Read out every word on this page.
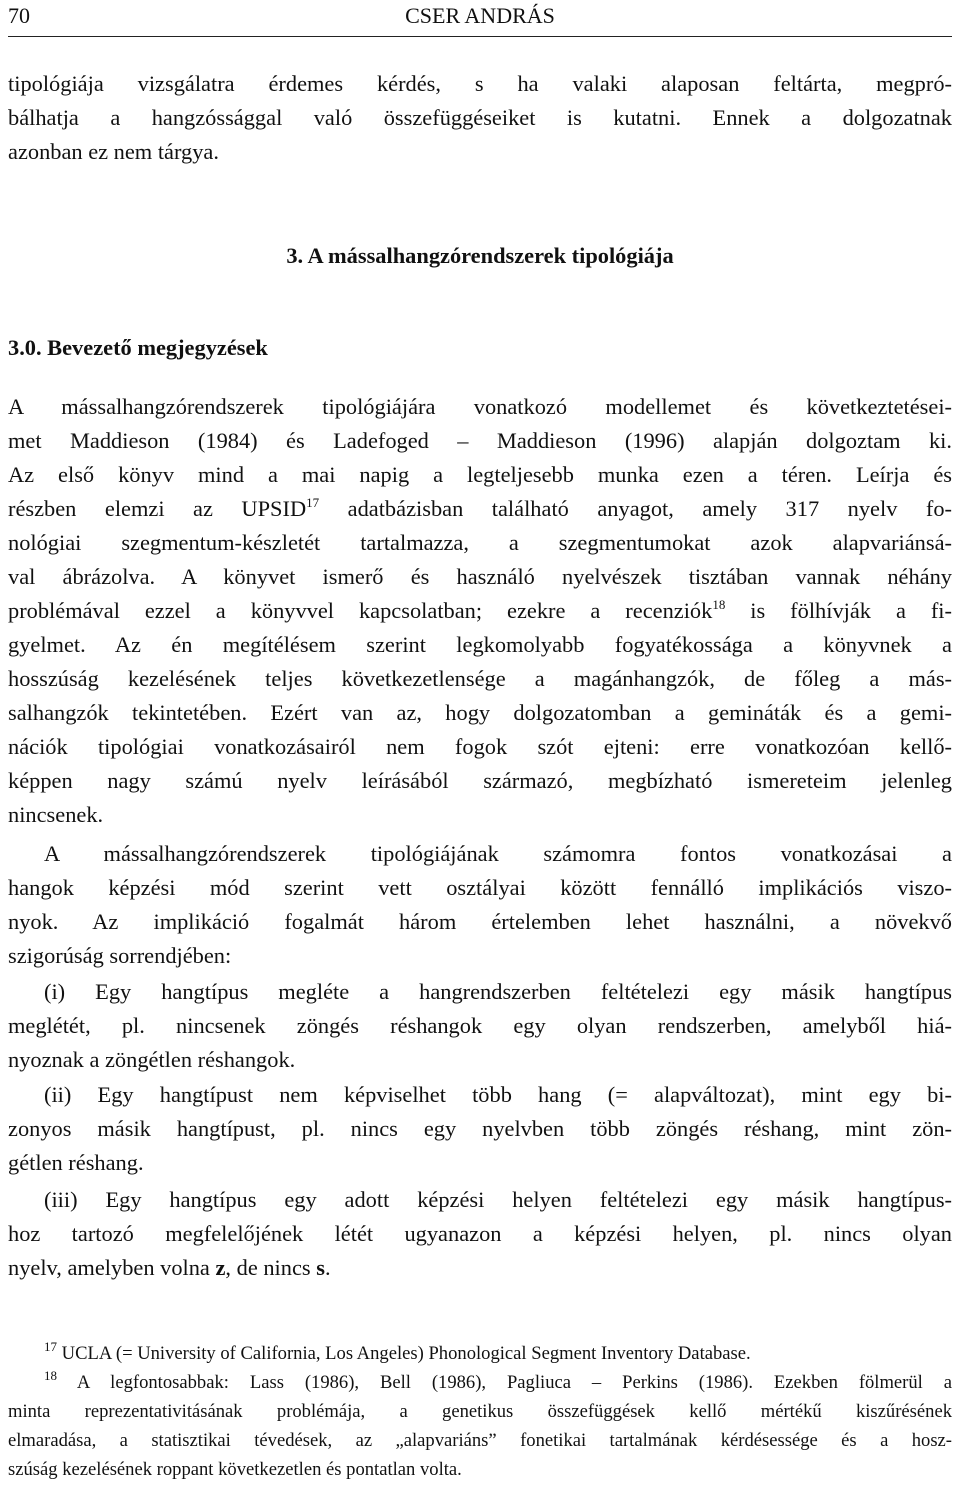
70	CSER ANDRÁS
tipológiája vizsgálatra érdemes kérdés, s ha valaki alaposan feltárta, megpró-
bálhatja a hangzóssággal való összefüggéseiket is kutatni. Ennek a dolgozatnak
azonban ez nem tárgya.
3. A mássalhangzórendszerek tipológiája
3.0. Bevezető megjegyzések
A mássalhangzórendszerek tipológiájára vonatkozó modellemet és következtetései-
met Maddieson (1984) és Ladefoged – Maddieson (1996) alapján dolgoztam ki.
Az első könyv mind a mai napig a legteljesebb munka ezen a téren. Leírja és
részben elemzi az UPSID$^{17}$ adatbázisban található anyagot, amely 317 nyelv fo-
nológiai szegmentum-készletét tartalmazza, a szegmentumokat azok alapvariánsá-
val ábrázolva. A könyvet ismerő és használó nyelvészek tisztában vannak néhány
problémával ezzel a könyvvel kapcsolatban; ezekre a recenziók$^{18}$ is fölhívják a fi-
gyelmet. Az én megítélésem szerint legkomolyabb fogyatékossága a könyvnek a
hosszúság kezelésének teljes következetlensége a magánhangzók, de főleg a más-
salhangzók tekintetében. Ezért van az, hogy dolgozatomban a gemináták és a gemi-
nációk tipológiai vonatkozásairól nem fogok szót ejteni: erre vonatkozóan kellő-
képpen nagy számú nyelv leírásából származó, megbízható ismereteim jelenleg
nincsenek.
A mássalhangzórendszerek tipológiájának számomra fontos vonatkozásai a
hangok képzési mód szerint vett osztályai között fennálló implikációs viszo-
nyok. Az implikáció fogalmát három értelemben lehet használni, a növekvő
szigorúság sorrendjében:
(i) Egy hangtípus megléte a hangrendszerben feltételezi egy másik hangtípus
meglétét, pl. nincsenek zöngés réshangok egy olyan rendszerben, amelyből hiá-
nyoznak a zöngétlen réshangok.
(ii) Egy hangtípust nem képviselhet több hang (= alapváltozat), mint egy bi-
zonyos másik hangtípust, pl. nincs egy nyelvben több zöngés réshang, mint zön-
gétlen réshang.
(iii) Egy hangtípus egy adott képzési helyen feltételezi egy másik hangtípus-
hoz tartozó megfelelőjének létét ugyanazon a képzési helyen, pl. nincs olyan
nyelv, amelyben volna z, de nincs s.
$^{17}$ UCLA (= University of California, Los Angeles) Phonological Segment Inventory Database.
$^{18}$ A legfontosabbak: Lass (1986), Bell (1986), Pagliuca – Perkins (1986). Ezekben fölmerül a
minta reprezentativitásának problémája, a genetikus összefüggések kellő mértékű kiszűrésének
elmaradása, a statisztikai tévedések, az „alapvariáns” fonetikai tartalmának kérdésessége és a hosz-
szúság kezelésének roppant következetlen és pontatlan volta.
